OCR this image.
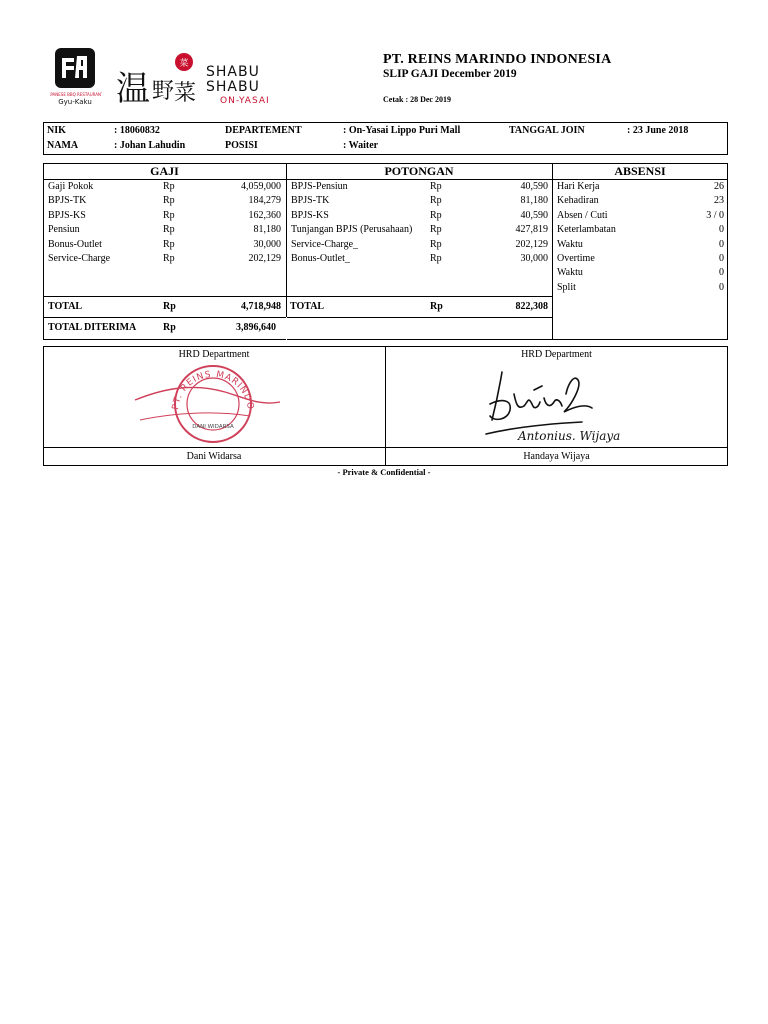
JAPANESE BBQ RESTAURANT
Gyu-Kaku
菜
温 野 菜
SHABU
SHABU
ON-YASAI
PT. REINS MARINDO INDONESIA
SLIP GAJI December 2019
Cetak : 28 Dec 2019
NIK	: 18060832
NAMA	: Johan Lahudin
DEPARTEMENT	: On-Yasai Lippo Puri Mall
POSISI	: Waiter
TANGGAL JOIN	: 23 June 2018
GAJI	POTONGAN	ABSENSI
Gaji Pokok	Rp	4,059,000
BPJS-TK	Rp	184,279
BPJS-KS	Rp	162,360
Pensiun	Rp	81,180
Bonus-Outlet	Rp	30,000
Service-Charge	Rp	202,129
BPJS-Pensiun	Rp	40,590
BPJS-TK	Rp	81,180
BPJS-KS	Rp	40,590
Tunjangan BPJS (Perusahaan) Rp	427,819
Service-Charge_	Rp	202,129
Bonus-Outlet_	Rp	30,000
Hari Kerja	26
Kehadiran	23
Absen / Cuti	3 / 0
Keterlambatan	0
Waktu	0
Overtime	0
Waktu	0
Split	0
TOTAL	Rp	4,718,948 TOTAL	Rp	822,308
TOTAL DITERIMA	Rp	3,896,640
HRD Department	HRD Department
Dani Widarsa	Handaya Wijaya
PT. REINS MARINDO
DANI WIDARSA
Antonius. Wijaya
- Private & Confidential -
